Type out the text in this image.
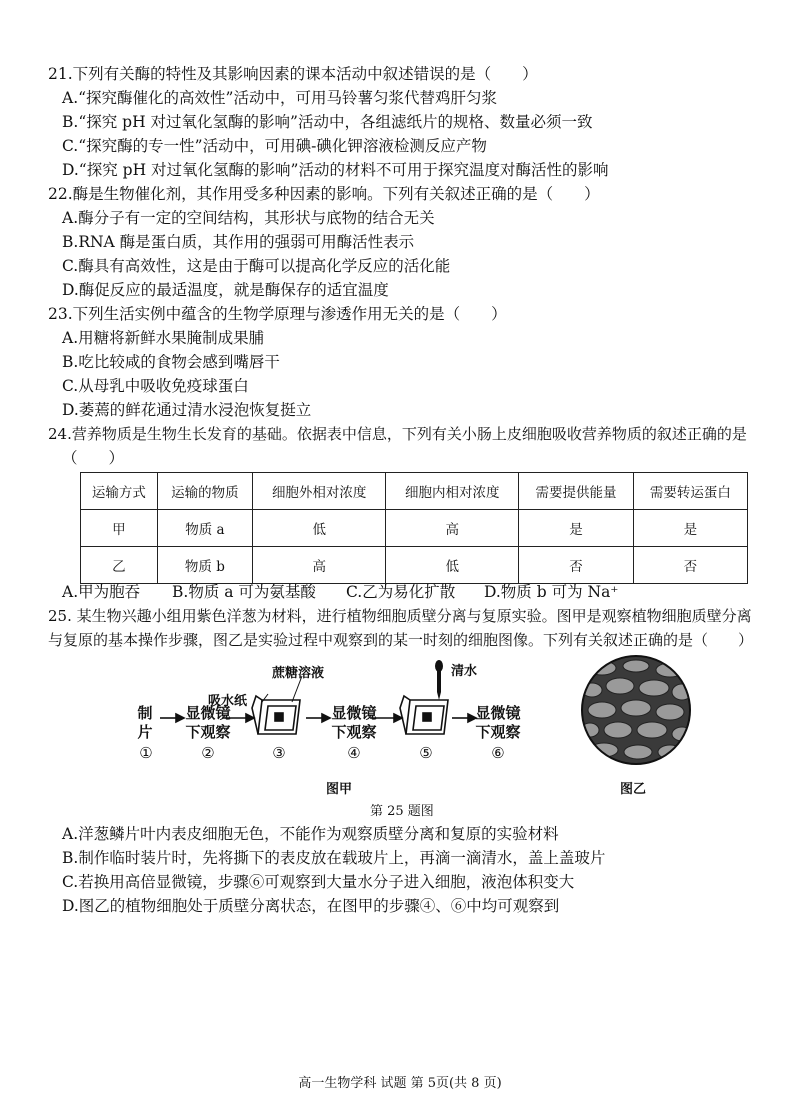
21.下列有关酶的特性及其影响因素的课本活动中叙述错误的是（　　）
A.“探究酶催化的高效性”活动中，可用马铃薯匀浆代替鸡肝匀浆
B.“探究 pH 对过氧化氢酶的影响”活动中，各组滤纸片的规格、数量必须一致
C.“探究酶的专一性”活动中，可用碘-碘化钾溶液检测反应产物
D.“探究 pH 对过氧化氢酶的影响”活动的材料不可用于探究温度对酶活性的影响
22.酶是生物催化剂，其作用受多种因素的影响。下列有关叙述正确的是（　　）
A.酶分子有一定的空间结构，其形状与底物的结合无关
B.RNA 酶是蛋白质，其作用的强弱可用酶活性表示
C.酶具有高效性，这是由于酶可以提高化学反应的活化能
D.酶促反应的最适温度，就是酶保存的适宜温度
23.下列生活实例中蕴含的生物学原理与渗透作用无关的是（　　）
A.用糖将新鲜水果腌制成果脯
B.吃比较咸的食物会感到嘴唇干
C.从母乳中吸收免疫球蛋白
D.萎蔫的鲜花通过清水浸泡恢复挺立
24.营养物质是生物生长发育的基础。依据表中信息，下列有关小肠上皮细胞吸收营养物质的叙述正确的是
（　　）
运输方式	运输的物质	细胞外相对浓度	细胞内相对浓度	需要提供能量	需要转运蛋白
甲	物质 a	低	高	是	是
乙	物质 b	高	低	否	否
A.甲为胞吞 B.物质 a 可为氨基酸 C.乙为易化扩散 D.物质 b 可为 Na⁺
25. 某生物兴趣小组用紫色洋葱为材料，进行植物细胞质壁分离与复原实验。图甲是观察植物细胞质壁分离
与复原的基本操作步骤，图乙是实验过程中观察到的某一时刻的细胞图像。下列有关叙述正确的是（　　）
吸水纸
蔗糖溶液	清水
制
片
显微镜
下观察
显微镜
下观察
显微镜
下观察
①	②	③	④	⑤	⑥
图甲	图乙
第 25 题图
A.洋葱鳞片叶内表皮细胞无色，不能作为观察质壁分离和复原的实验材料
B.制作临时装片时，先将撕下的表皮放在载玻片上，再滴一滴清水，盖上盖玻片
C.若换用高倍显微镜，步骤⑥可观察到大量水分子进入细胞，液泡体积变大
D.图乙的植物细胞处于质壁分离状态，在图甲的步骤④、⑥中均可观察到
高一生物学科 试题 第 5页(共 8 页)
